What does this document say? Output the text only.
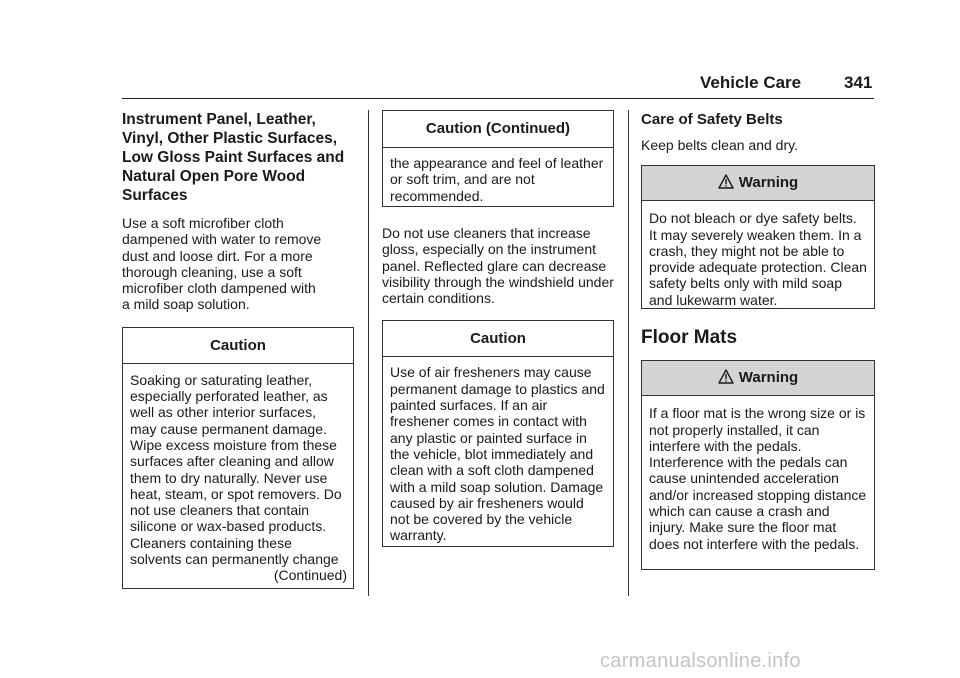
Vehicle Care	341
Instrument Panel, Leather, Vinyl, Other Plastic Surfaces, Low Gloss Paint Surfaces and Natural Open Pore Wood Surfaces

Use a soft microfiber cloth dampened with water to remove dust and loose dirt. For a more thorough cleaning, use a soft microfiber cloth dampened with a mild soap solution.

Caution
Soaking or saturating leather, especially perforated leather, as well as other interior surfaces, may cause permanent damage. Wipe excess moisture from these surfaces after cleaning and allow them to dry naturally. Never use heat, steam, or spot removers. Do not use cleaners that contain silicone or wax-based products. Cleaners containing these solvents can permanently change
(Continued)
Caution (Continued)
the appearance and feel of leather or soft trim, and are not recommended.

Do not use cleaners that increase gloss, especially on the instrument panel. Reflected glare can decrease visibility through the windshield under certain conditions.

Caution
Use of air fresheners may cause permanent damage to plastics and painted surfaces. If an air freshener comes in contact with any plastic or painted surface in the vehicle, blot immediately and clean with a soft cloth dampened with a mild soap solution. Damage caused by air fresheners would not be covered by the vehicle warranty.
Care of Safety Belts

Keep belts clean and dry.

Warning
Do not bleach or dye safety belts. It may severely weaken them. In a crash, they might not be able to provide adequate protection. Clean safety belts only with mild soap and lukewarm water.
Floor Mats
Warning
If a floor mat is the wrong size or is not properly installed, it can interfere with the pedals. Interference with the pedals can cause unintended acceleration and/or increased stopping distance which can cause a crash and injury. Make sure the floor mat does not interfere with the pedals.
carmanualsonline.info
